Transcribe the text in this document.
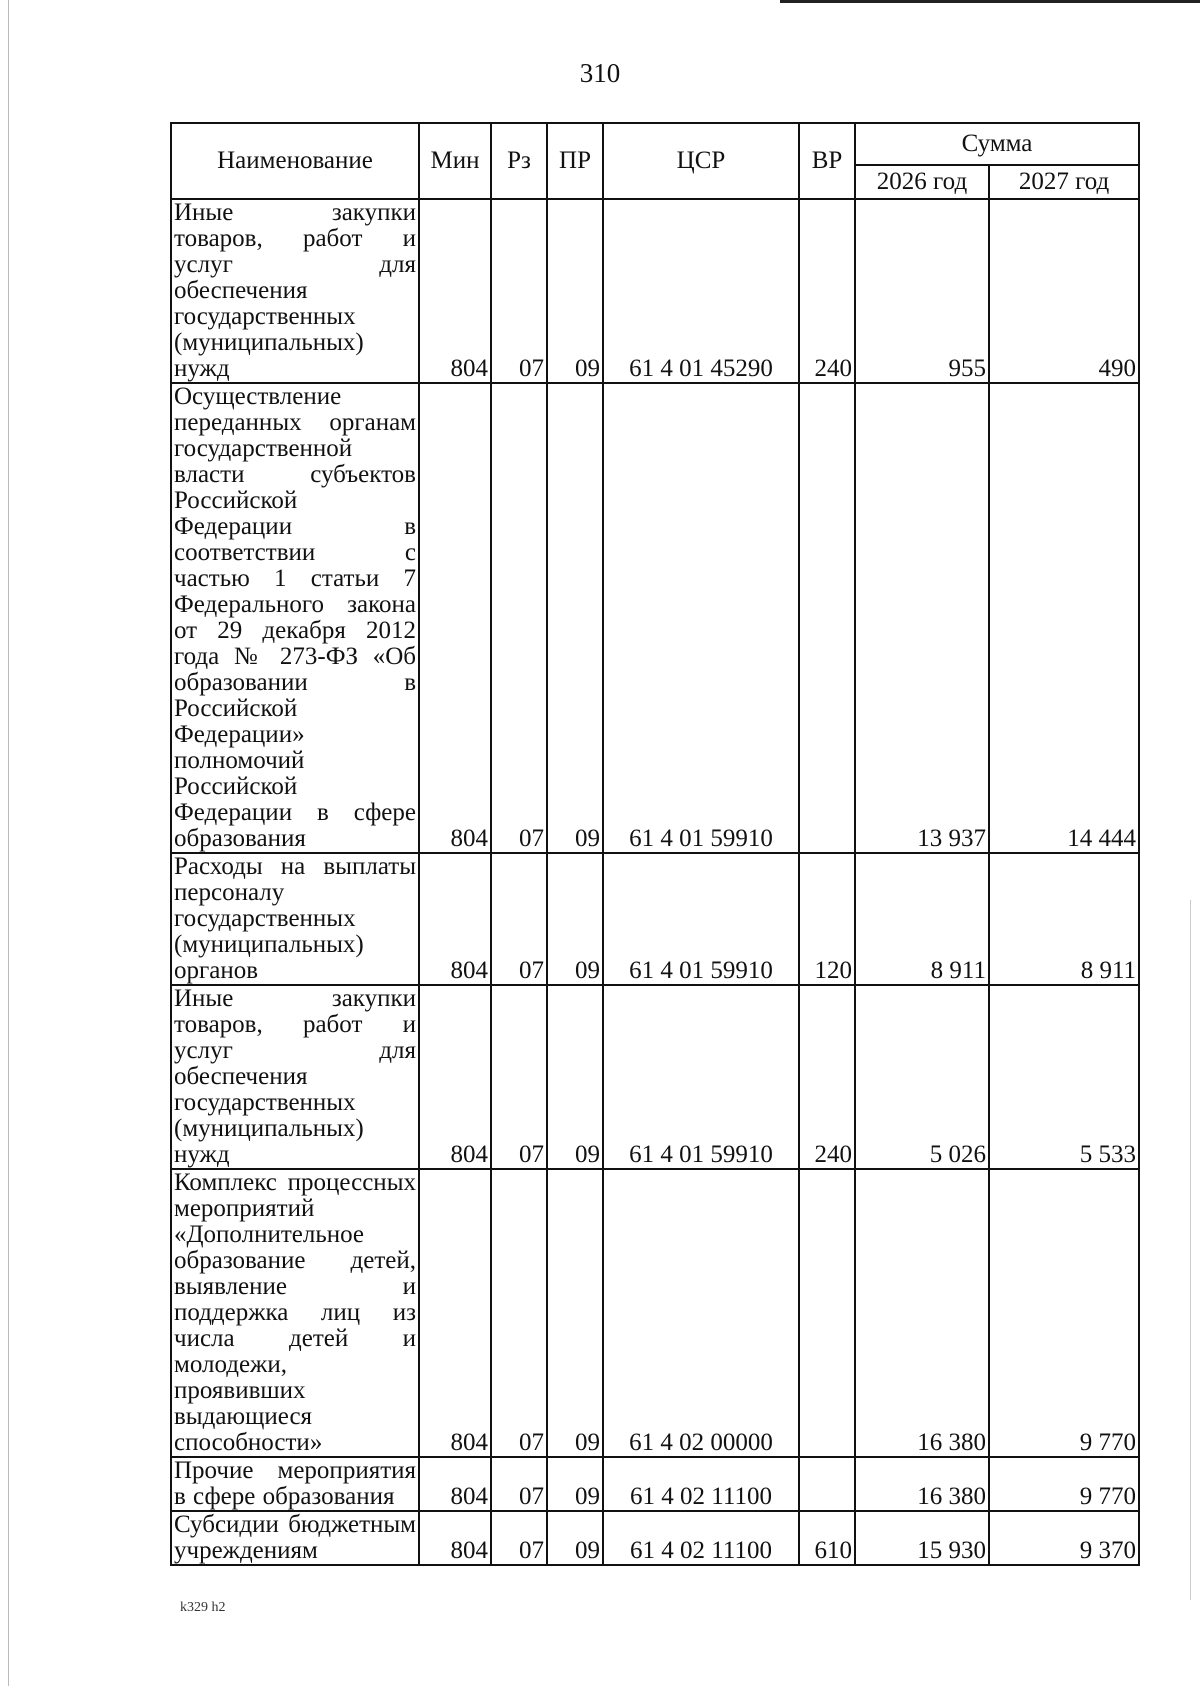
310
Наименование	Мин	Рз	ПР	ЦСР	ВР	Сумма	
						2026 год	2027 год
Иные закупки товаров, работ и услуг для обеспечения государственных (муниципальных) нужд	804	07	09	61 4 01 45290	240	955	490
Осуществление переданных органам государственной власти субъектов Российской Федерации в соответствии с частью 1 статьи 7 Федерального закона от 29 декабря 2012 года № 273-ФЗ «Об образовании в Российской Федерации» полномочий Российской Федерации в сфере образования	804	07	09	61 4 01 59910		13 937	14 444
Расходы на выплаты персоналу государственных (муниципальных) органов	804	07	09	61 4 01 59910	120	8 911	8 911
Иные закупки товаров, работ и услуг для обеспечения государственных (муниципальных) нужд	804	07	09	61 4 01 59910	240	5 026	5 533
Комплекс процессных мероприятий «Дополнительное образование детей, выявление и поддержка лиц из числа детей и молодежи, проявивших выдающиеся способности»	804	07	09	61 4 02 00000		16 380	9 770
Прочие мероприятия в сфере образования	804	07	09	61 4 02 11100		16 380	9 770
Субсидии бюджетным учреждениям	804	07	09	61 4 02 11100	610	15 930	9 370
k329 h2
